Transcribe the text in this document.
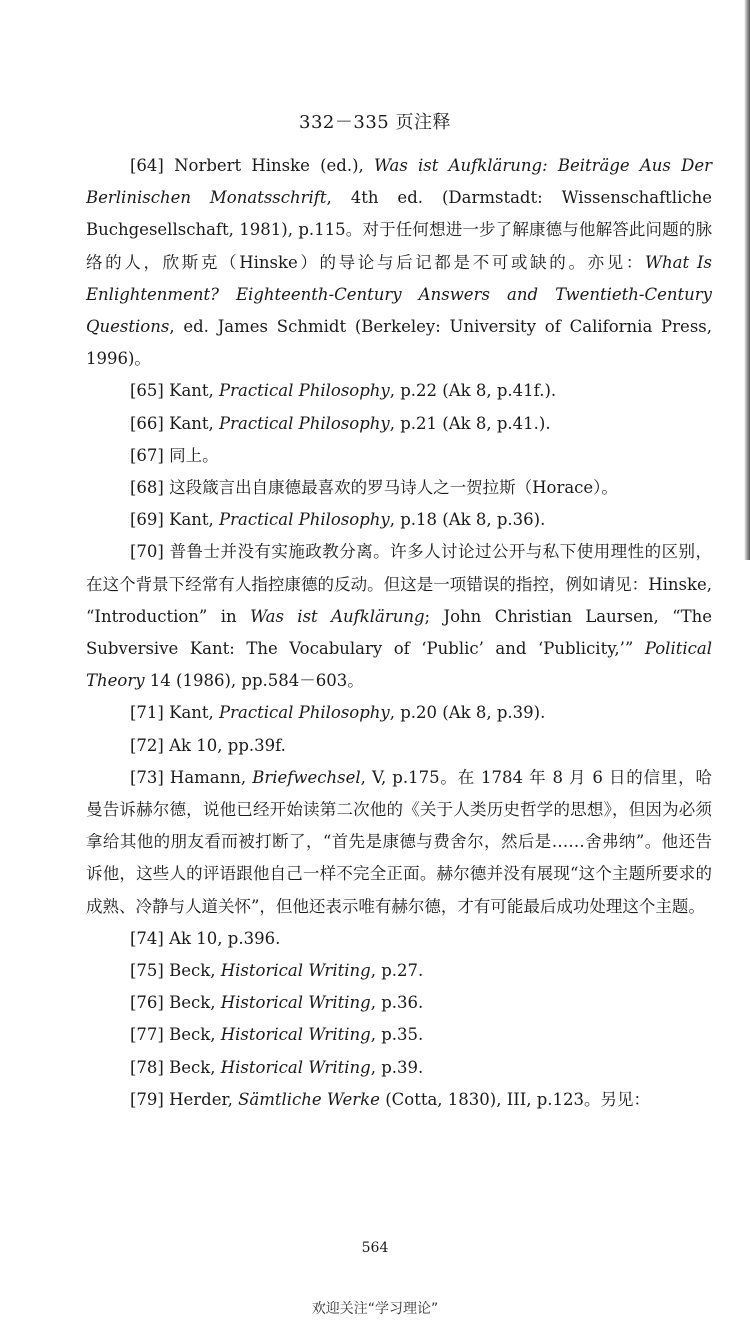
332－335 页注释

[64] Norbert Hinske (ed.), Was ist Aufklärung: Beiträge Aus Der Berlinischen Monatsschrift, 4th ed. (Darmstadt: Wissenschaftliche Buchgesellschaft, 1981), p.115。对于任何想进一步了解康德与他解答此问题的脉络的人，欣斯克（Hinske）的导论与后记都是不可或缺的。亦见：What Is Enlightenment? Eighteenth-Century Answers and Twentieth-Century Questions, ed. James Schmidt (Berkeley: University of California Press, 1996)。

[65] Kant, Practical Philosophy, p.22 (Ak 8, p.41f.).

[66] Kant, Practical Philosophy, p.21 (Ak 8, p.41.).

[67] 同上。

[68] 这段箴言出自康德最喜欢的罗马诗人之一贺拉斯（Horace）。

[69] Kant, Practical Philosophy, p.18 (Ak 8, p.36).

[70] 普鲁士并没有实施政教分离。许多人讨论过公开与私下使用理性的区别，在这个背景下经常有人指控康德的反动。但这是一项错误的指控，例如请见：Hinske, “Introduction” in Was ist Aufklärung; John Christian Laursen, “The Subversive Kant: The Vocabulary of ‘Public’ and ‘Publicity,’” Political Theory 14 (1986), pp.584－603。

[71] Kant, Practical Philosophy, p.20 (Ak 8, p.39).

[72] Ak 10, pp.39f.

[73] Hamann, Briefwechsel, V, p.175。在 1784 年 8 月 6 日的信里，哈曼告诉赫尔德，说他已经开始读第二次他的《关于人类历史哲学的思想》，但因为必须拿给其他的朋友看而被打断了，“首先是康德与费舍尔，然后是……舍弗纳”。他还告诉他，这些人的评语跟他自己一样不完全正面。赫尔德并没有展现“这个主题所要求的成熟、冷静与人道关怀”，但他还表示唯有赫尔德，才有可能最后成功处理这个主题。

[74] Ak 10, p.396.

[75] Beck, Historical Writing, p.27.

[76] Beck, Historical Writing, p.36.

[77] Beck, Historical Writing, p.35.

[78] Beck, Historical Writing, p.39.

[79] Herder, Sämtliche Werke (Cotta, 1830), III, p.123。另见：

564
欢迎关注“学习理论”
